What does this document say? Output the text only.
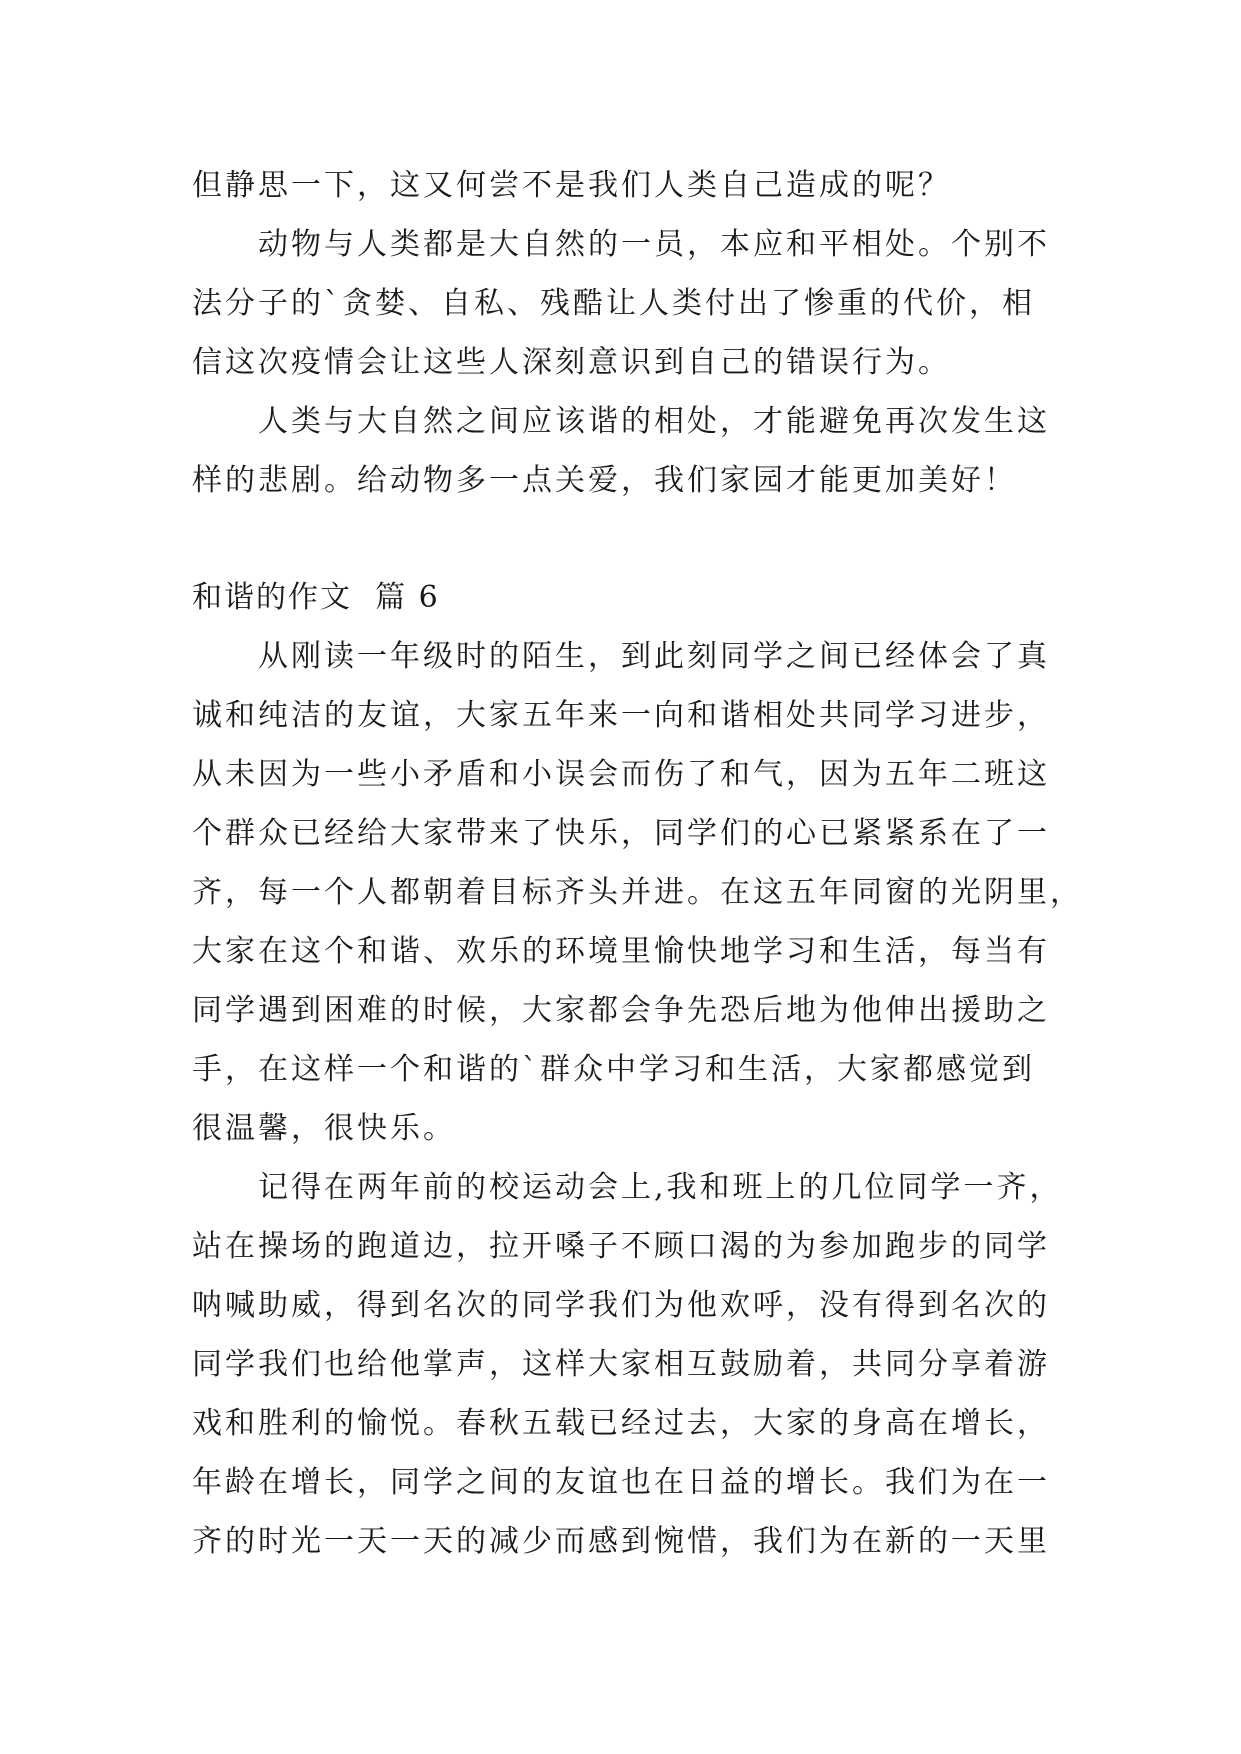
但静思一下，这又何尝不是我们人类自己造成的呢？

动物与人类都是大自然的一员，本应和平相处。个别不
法分子的`贪婪、自私、残酷让人类付出了惨重的代价，相
信这次疫情会让这些人深刻意识到自己的错误行为。

人类与大自然之间应该谐的相处，才能避免再次发生这
样的悲剧。给动物多一点关爱，我们家园才能更加美好！

和谐的作文  篇 6

从刚读一年级时的陌生，到此刻同学之间已经体会了真
诚和纯洁的友谊，大家五年来一向和谐相处共同学习进步，
从未因为一些小矛盾和小误会而伤了和气，因为五年二班这
个群众已经给大家带来了快乐，同学们的心已紧紧系在了一
齐，每一个人都朝着目标齐头并进。在这五年同窗的光阴里，
大家在这个和谐、欢乐的环境里愉快地学习和生活，每当有
同学遇到困难的时候，大家都会争先恐后地为他伸出援助之
手，在这样一个和谐的`群众中学习和生活，大家都感觉到
很温馨，很快乐。

记得在两年前的校运动会上,我和班上的几位同学一齐，
站在操场的跑道边，拉开嗓子不顾口渴的为参加跑步的同学
呐喊助威，得到名次的同学我们为他欢呼，没有得到名次的
同学我们也给他掌声，这样大家相互鼓励着，共同分享着游
戏和胜利的愉悦。春秋五载已经过去，大家的身高在增长，
年龄在增长，同学之间的友谊也在日益的增长。我们为在一
齐的时光一天一天的减少而感到惋惜，我们为在新的一天里
